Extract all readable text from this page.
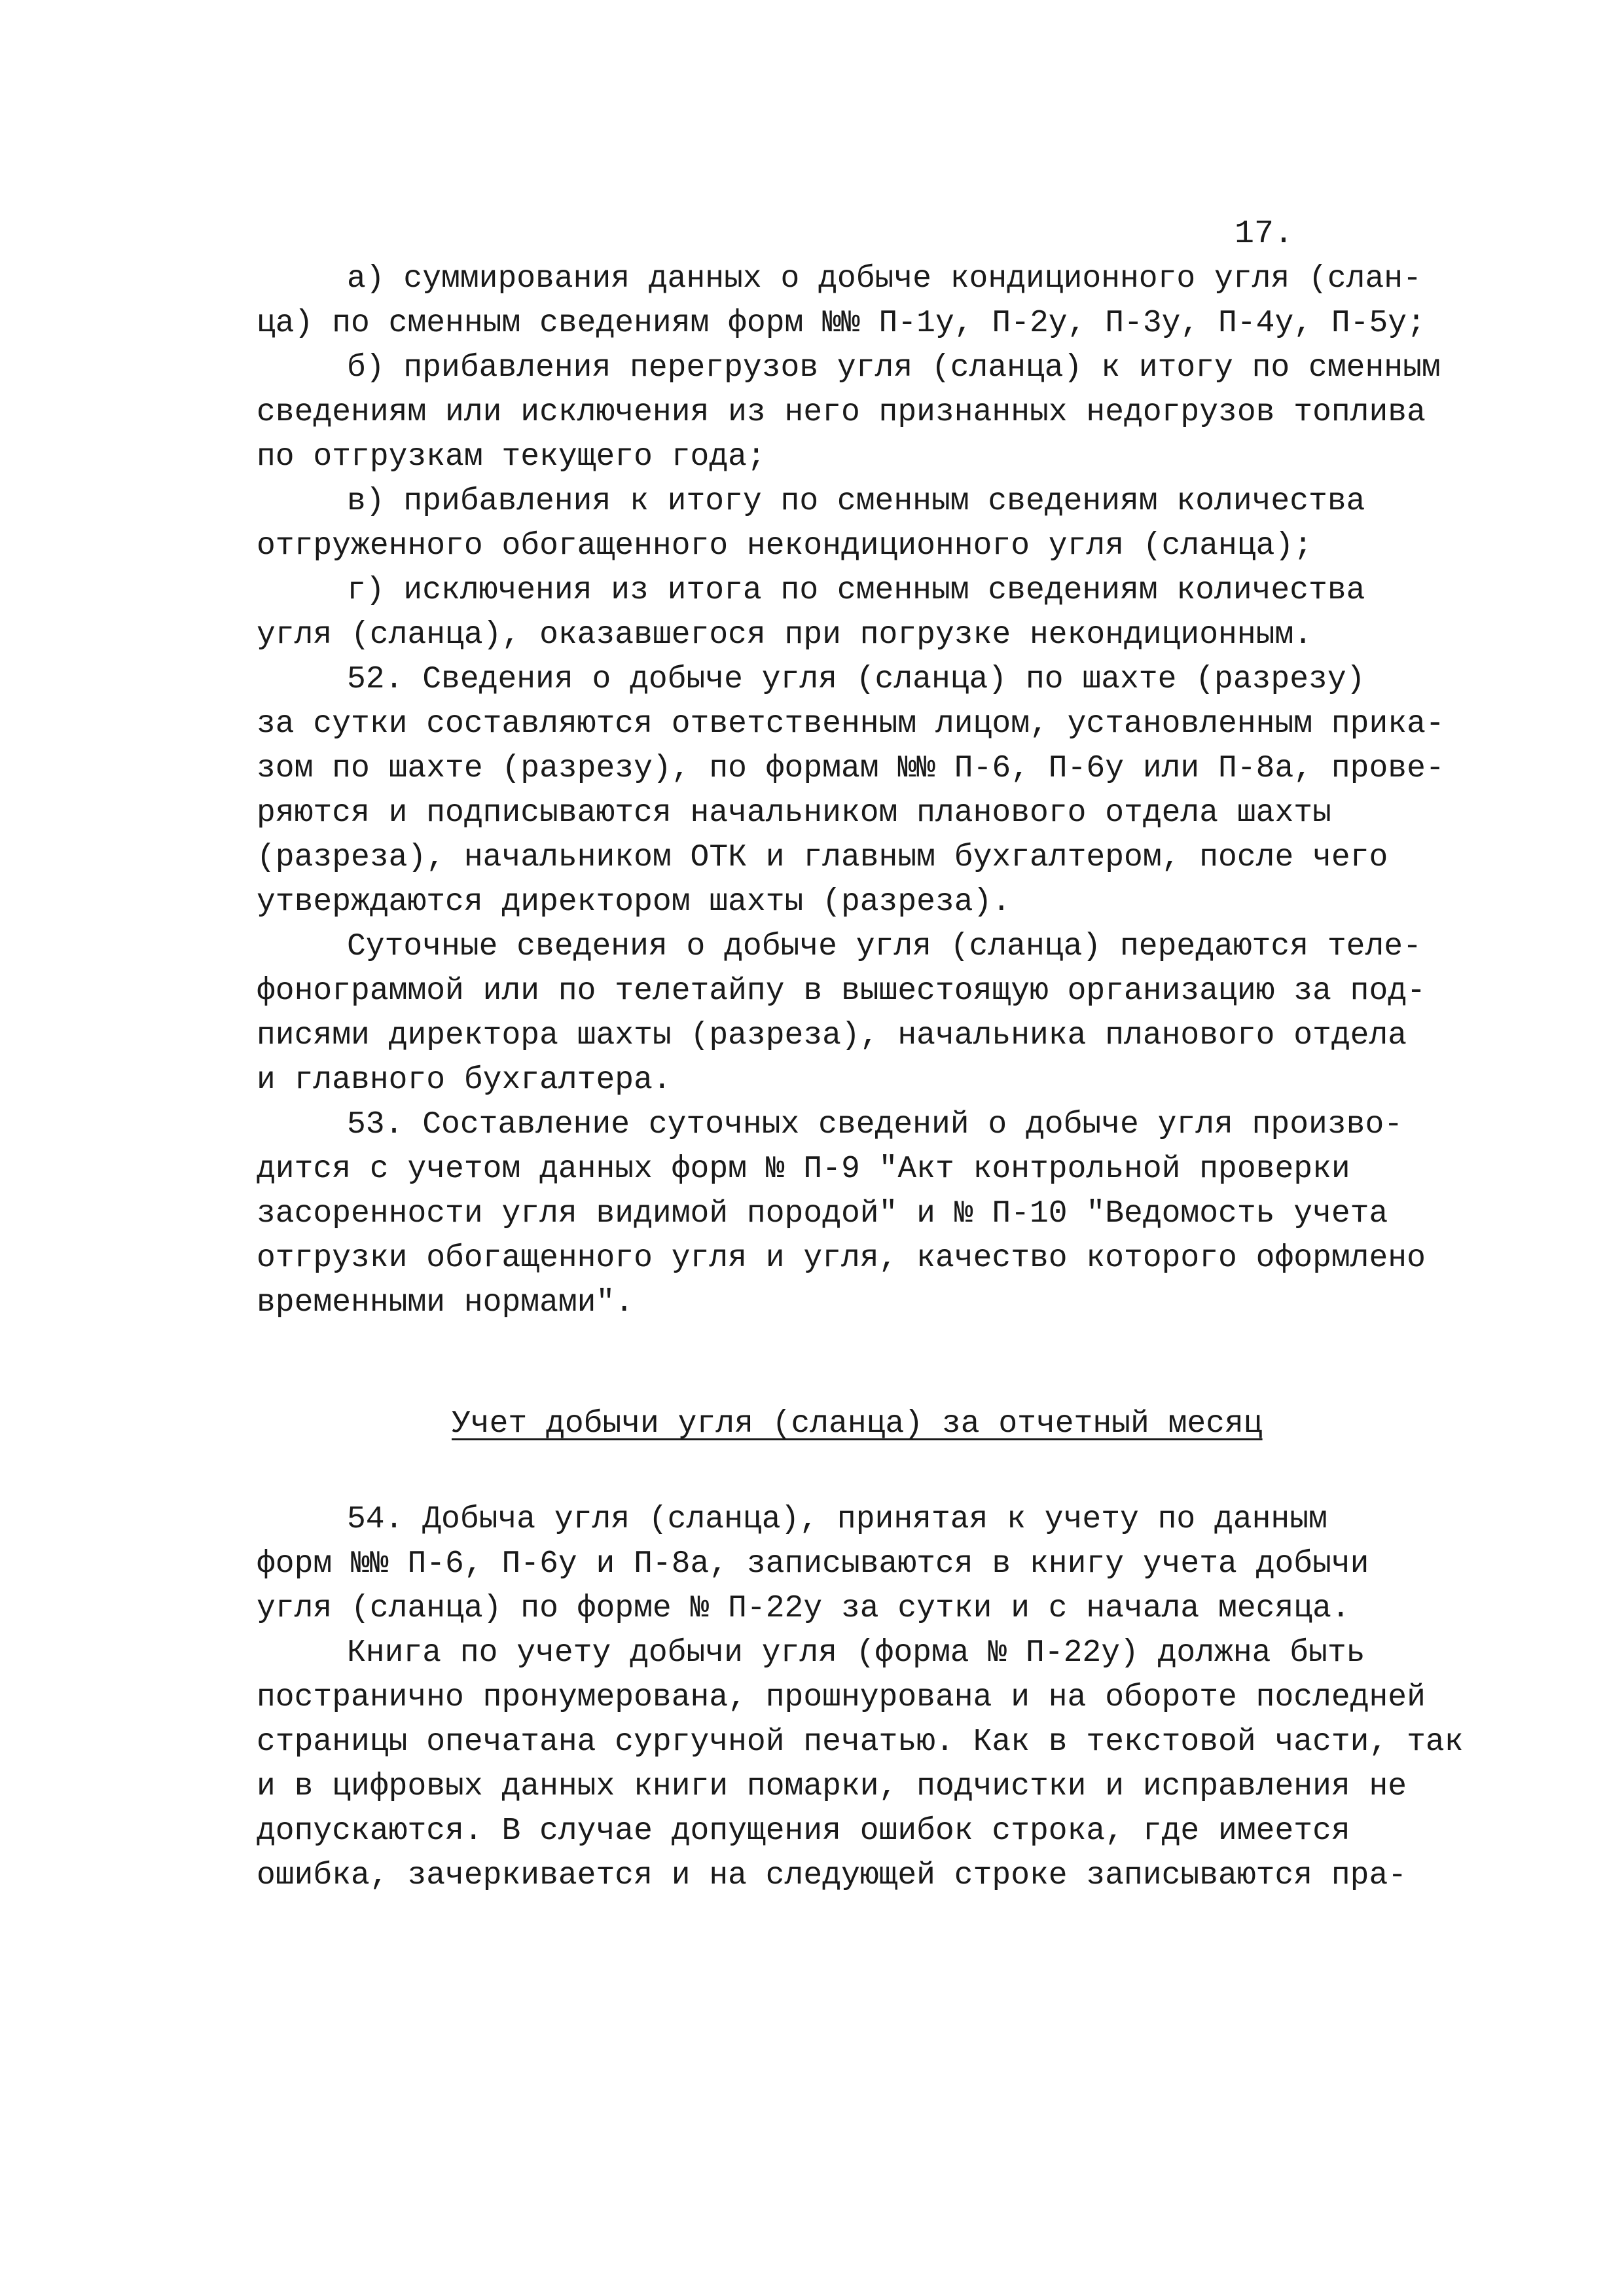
17.
а) суммирования данных о добыче кондиционного угля (слан-
ца) по сменным сведениям форм №№ П-1у, П-2у, П-3у, П-4у, П-5у;
б) прибавления перегрузов угля (сланца) к итогу по сменным
сведениям или исключения из него признанных недогрузов топлива
по отгрузкам текущего года;
в) прибавления к итогу по сменным сведениям количества
отгруженного обогащенного некондиционного угля (сланца);
г) исключения из итога по сменным сведениям количества
угля (сланца), оказавшегося при погрузке некондиционным.
52. Сведения о добыче угля (сланца) по шахте (разрезу)
за сутки составляются ответственным лицом, установленным прика-
зом по шахте (разрезу), по формам №№ П-6, П-6у или П-8а, прове-
ряются и подписываются начальником планового отдела шахты
(разреза), начальником ОТК и главным бухгалтером, после чего
утверждаются директором шахты (разреза).
Суточные сведения о добыче угля (сланца) передаются теле-
фонограммой или по телетайпу в вышестоящую организацию за под-
писями директора шахты (разреза), начальника планового отдела
и главного бухгалтера.
53. Составление суточных сведений о добыче угля произво-
дится с учетом данных форм № П-9 "Акт контрольной проверки
засоренности угля видимой породой" и № П-10 "Ведомость учета
отгрузки обогащенного угля и угля, качество которого оформлено
временными нормами".
Учет добычи угля (сланца) за отчетный месяц
54. Добыча угля (сланца), принятая к учету по данным
форм №№ П-6, П-6у и П-8а, записываются в книгу учета добычи
угля (сланца) по форме № П-22у за сутки и с начала месяца.
Книга по учету добычи угля (форма № П-22у) должна быть
постранично пронумерована, прошнурована и на обороте последней
страницы опечатана сургучной печатью. Как в текстовой части, так
и в цифровых данных книги помарки, подчистки и исправления не
допускаются. В случае допущения ошибок строка, где имеется
ошибка, зачеркивается и на следующей строке записываются пра-
